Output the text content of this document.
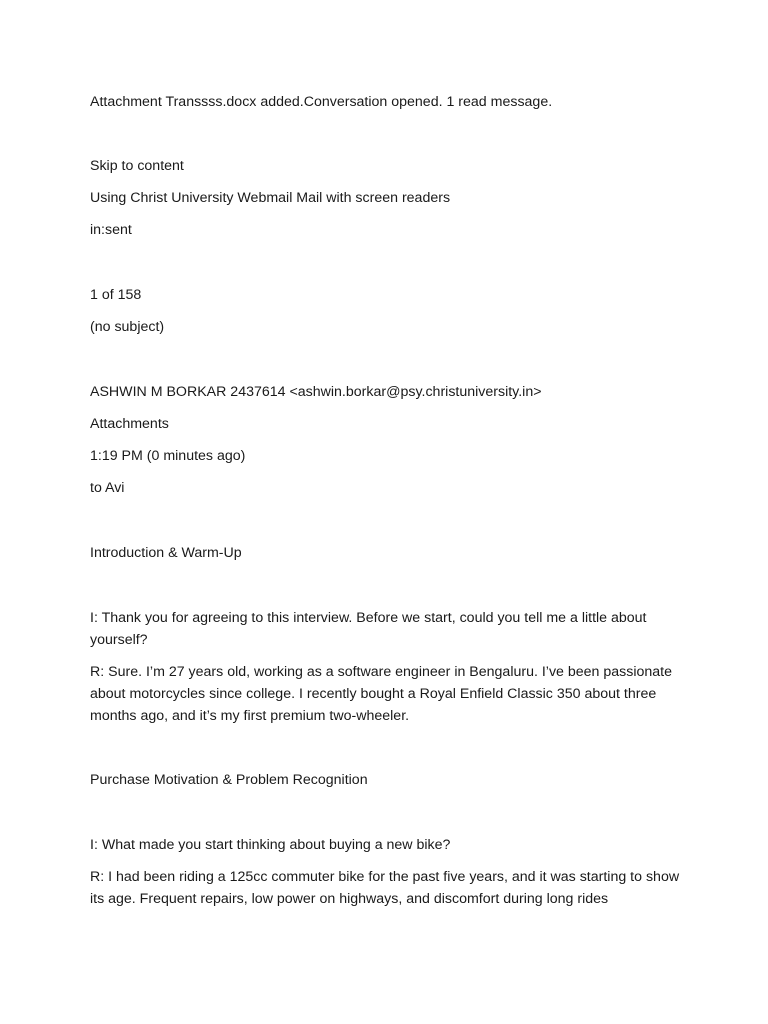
Attachment Transsss.docx added.Conversation opened. 1 read message.

Skip to content

Using Christ University Webmail Mail with screen readers

in:sent

1 of 158

(no subject)

ASHWIN M BORKAR 2437614 <ashwin.borkar@psy.christuniversity.in>

Attachments

1:19 PM (0 minutes ago)

to Avi

Introduction & Warm-Up

I: Thank you for agreeing to this interview. Before we start, could you tell me a little about yourself?

R: Sure. I’m 27 years old, working as a software engineer in Bengaluru. I’ve been passionate about motorcycles since college. I recently bought a Royal Enfield Classic 350 about three months ago, and it’s my first premium two-wheeler.

Purchase Motivation & Problem Recognition

I: What made you start thinking about buying a new bike?

R: I had been riding a 125cc commuter bike for the past five years, and it was starting to show its age. Frequent repairs, low power on highways, and discomfort during long rides
